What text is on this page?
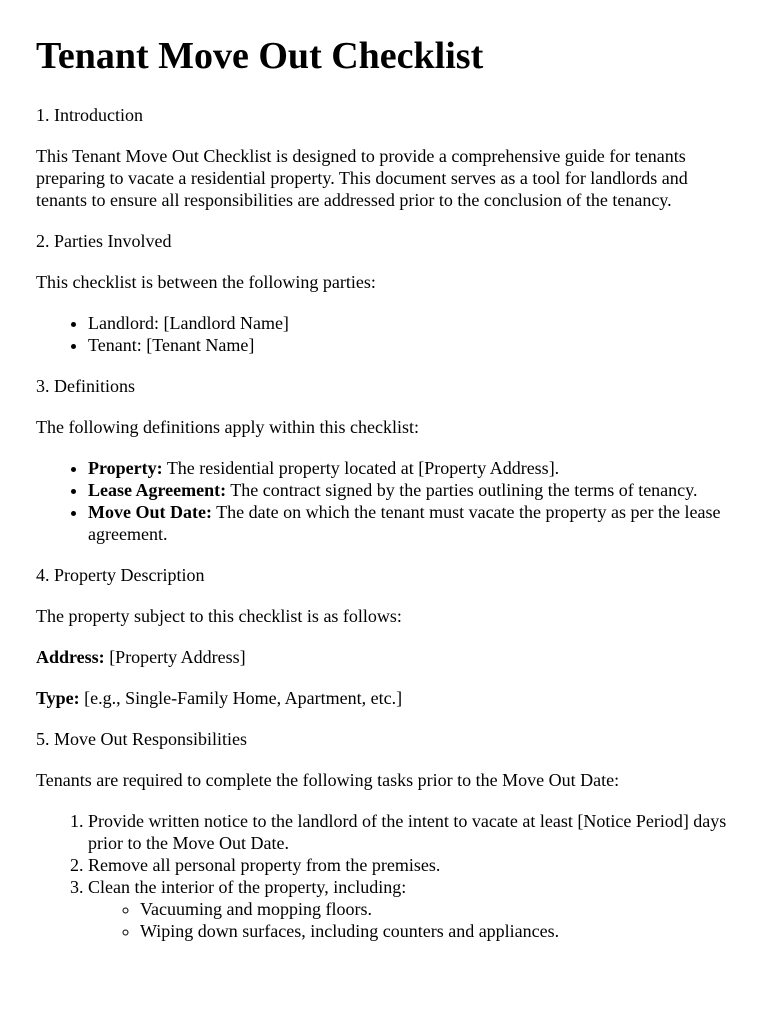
Tenant Move Out Checklist

1. Introduction

This Tenant Move Out Checklist is designed to provide a comprehensive guide for tenants preparing to vacate a residential property. This document serves as a tool for landlords and tenants to ensure all responsibilities are addressed prior to the conclusion of the tenancy.

2. Parties Involved

This checklist is between the following parties:

• Landlord: [Landlord Name]
• Tenant: [Tenant Name]

3. Definitions

The following definitions apply within this checklist:

• Property: The residential property located at [Property Address].
• Lease Agreement: The contract signed by the parties outlining the terms of tenancy.
• Move Out Date: The date on which the tenant must vacate the property as per the lease agreement.

4. Property Description

The property subject to this checklist is as follows:

Address: [Property Address]

Type: [e.g., Single-Family Home, Apartment, etc.]

5. Move Out Responsibilities

Tenants are required to complete the following tasks prior to the Move Out Date:

1. Provide written notice to the landlord of the intent to vacate at least [Notice Period] days prior to the Move Out Date.
2. Remove all personal property from the premises.
3. Clean the interior of the property, including:
◦ Vacuuming and mopping floors.
◦ Wiping down surfaces, including counters and appliances.
